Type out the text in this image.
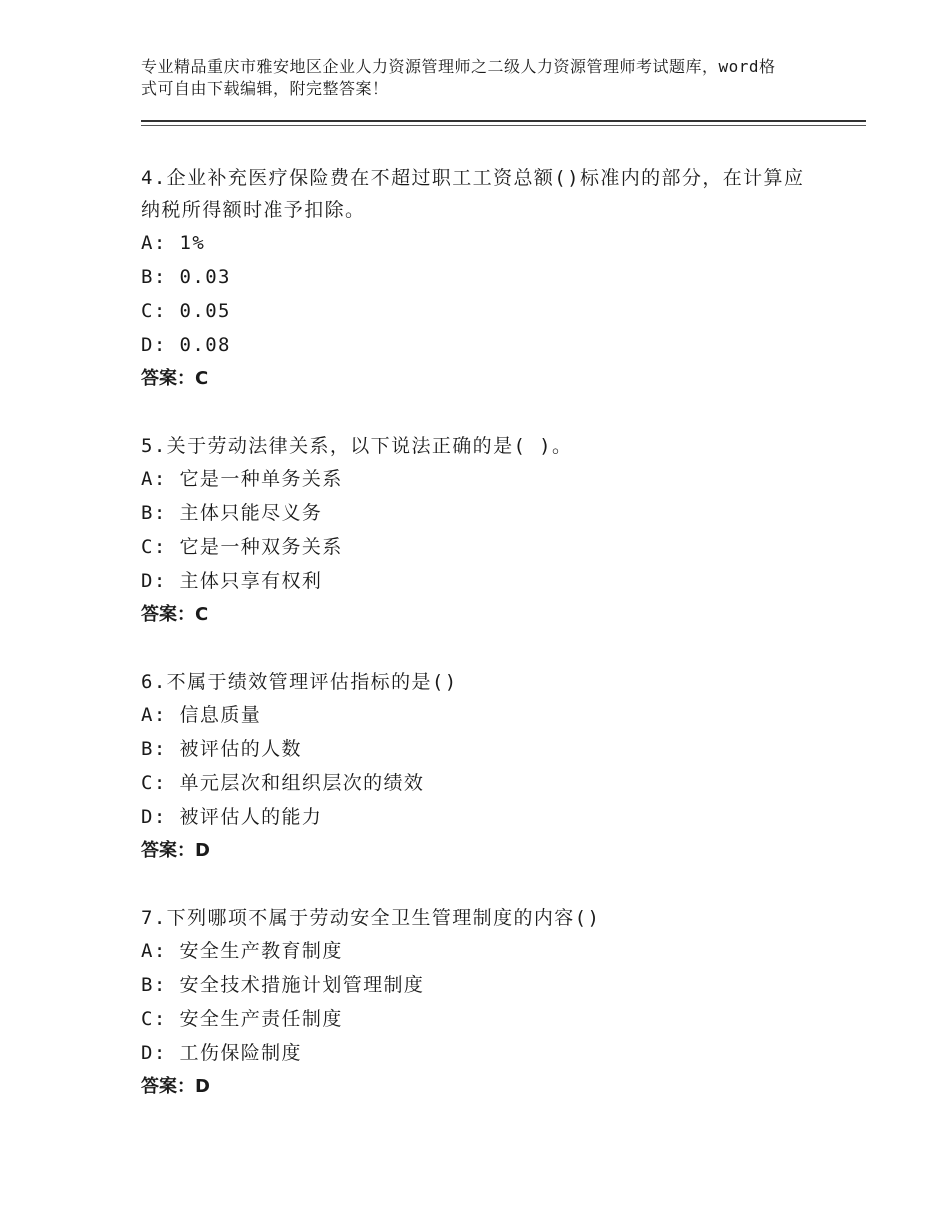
专业精品重庆市雅安地区企业人力资源管理师之二级人力资源管理师考试题库，word格式可自由下载编辑，附完整答案！

4.企业补充医疗保险费在不超过职工工资总额()标准内的部分，在计算应纳税所得额时准予扣除。

A: 1%

B: 0.03

C: 0.05

D: 0.08

答案：C

5.关于劳动法律关系，以下说法正确的是( )。

A: 它是一种单务关系

B: 主体只能尽义务

C: 它是一种双务关系

D: 主体只享有权利

答案：C

6.不属于绩效管理评估指标的是()

A: 信息质量

B: 被评估的人数

C: 单元层次和组织层次的绩效

D: 被评估人的能力

答案：D

7.下列哪项不属于劳动安全卫生管理制度的内容()

A: 安全生产教育制度

B: 安全技术措施计划管理制度

C: 安全生产责任制度

D: 工伤保险制度

答案：D
